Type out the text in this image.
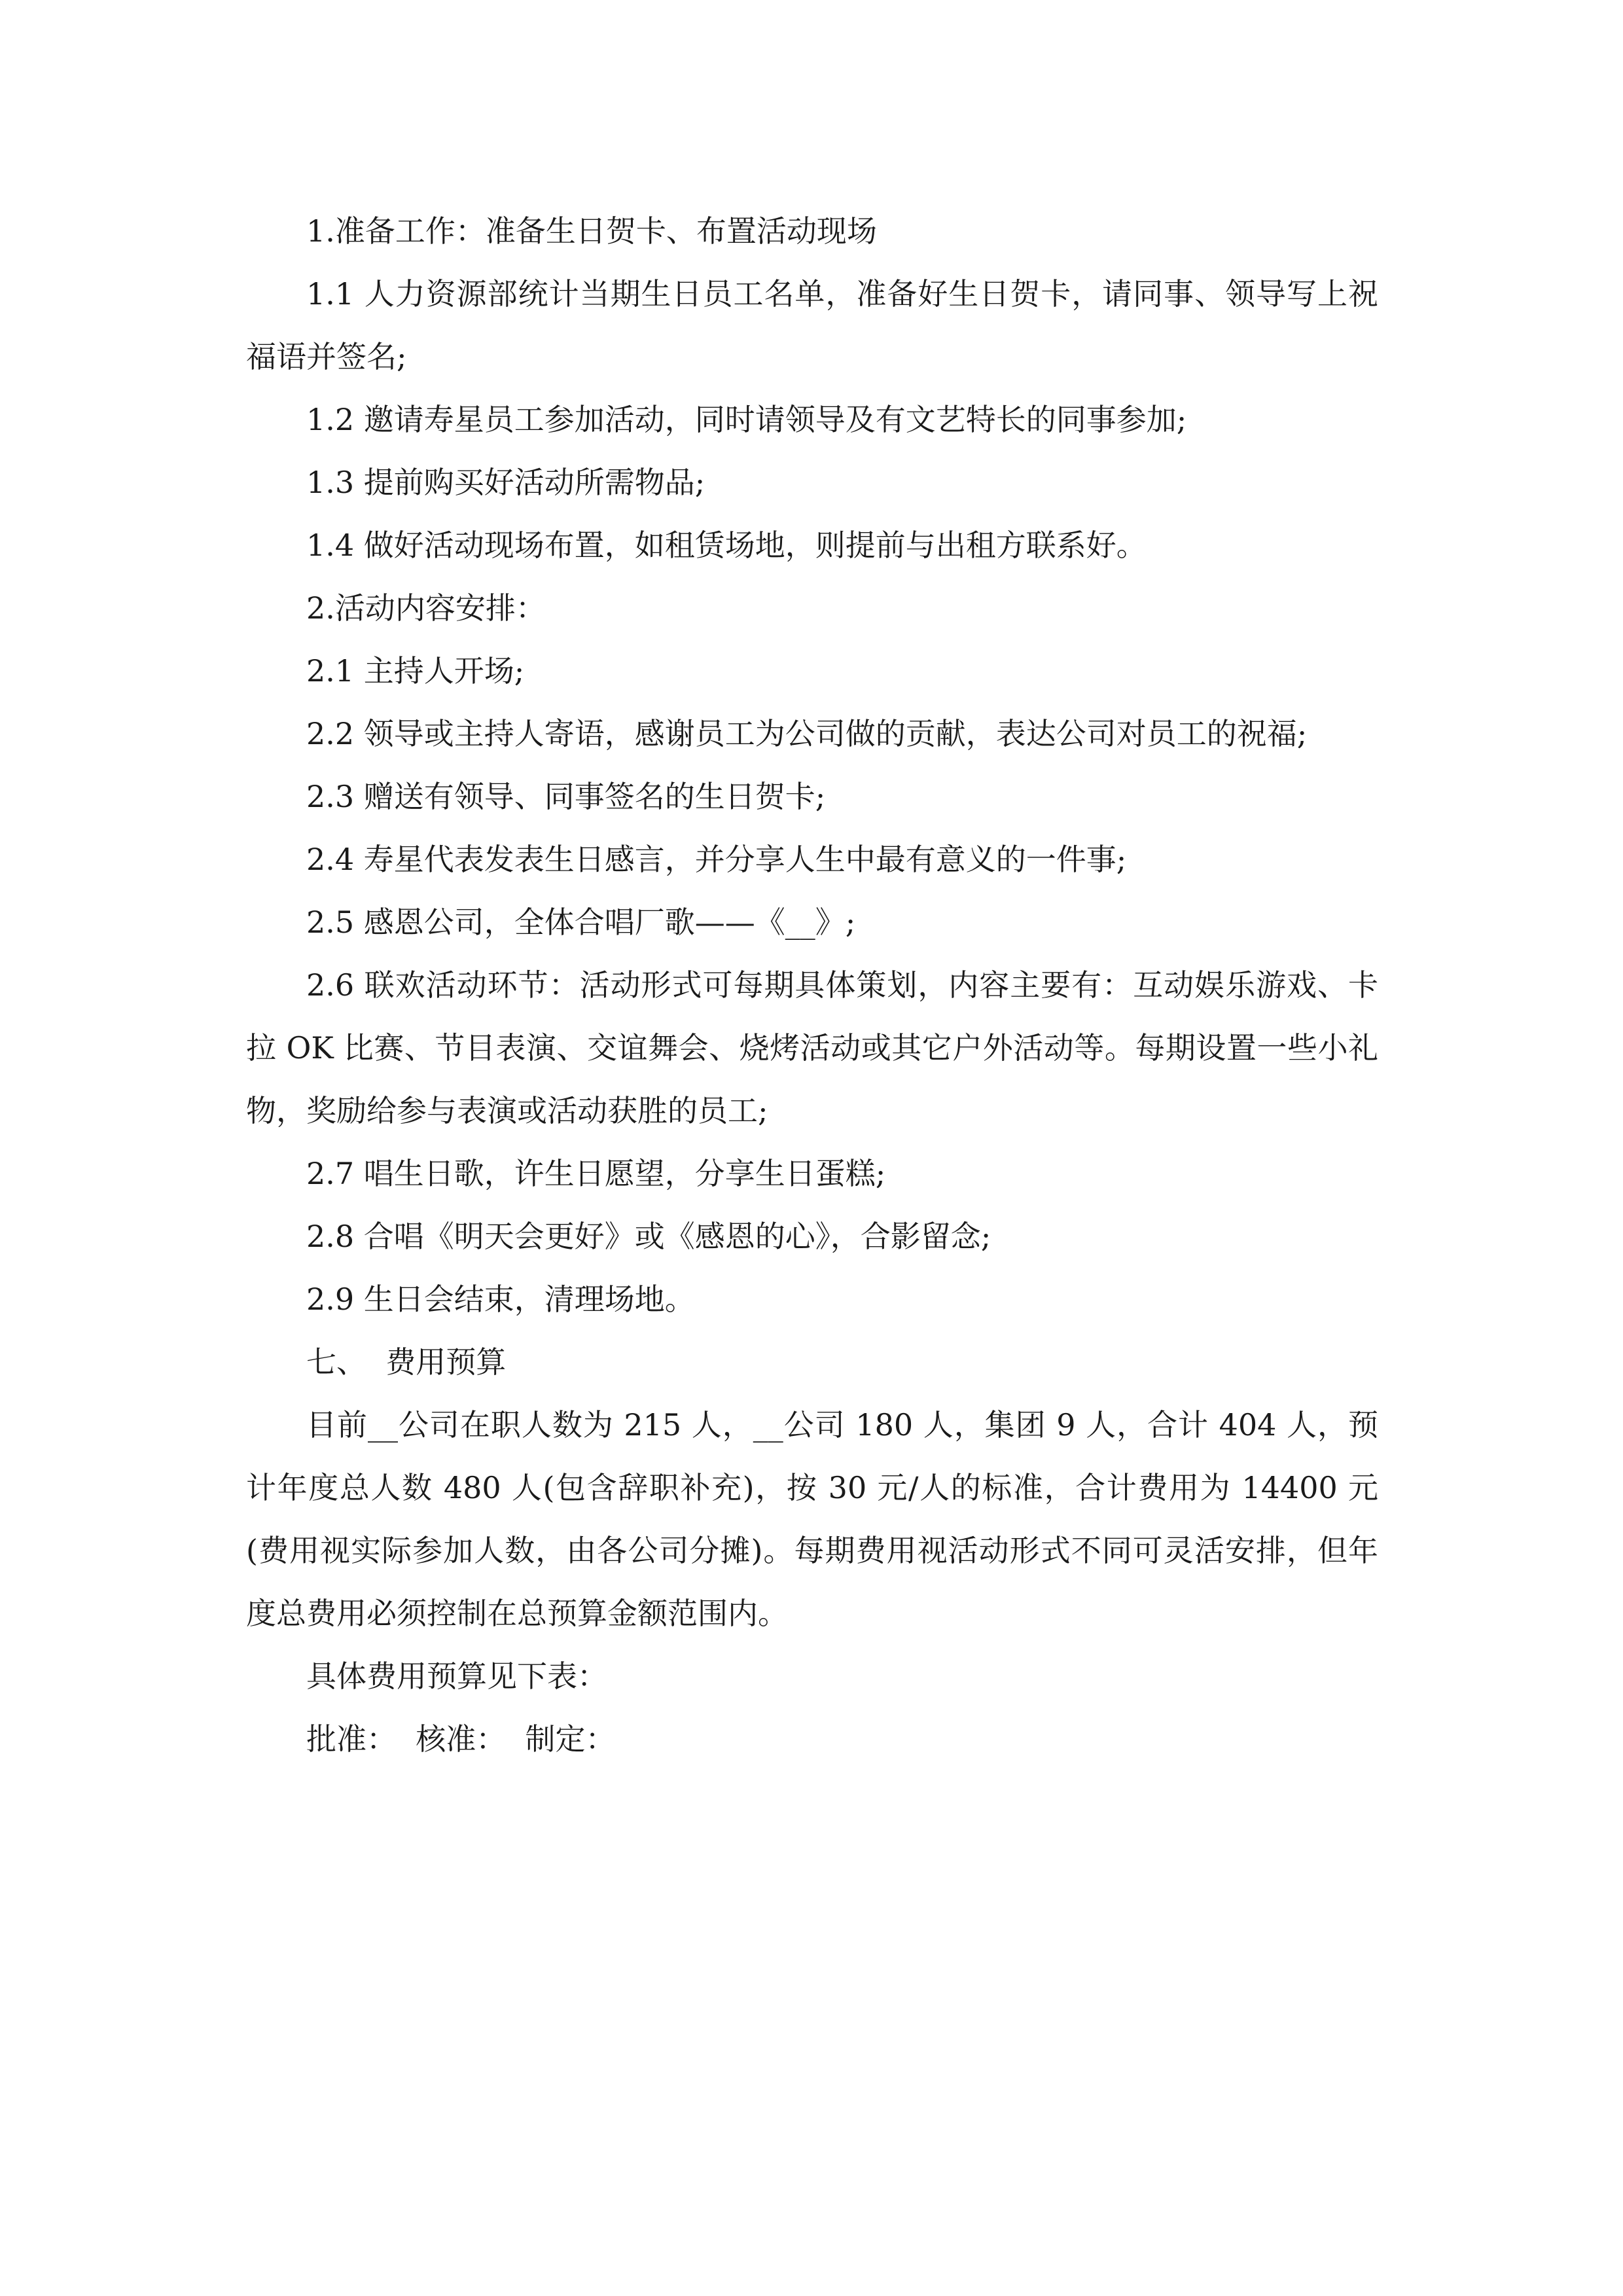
1.准备工作：准备生日贺卡、布置活动现场

1.1 人力资源部统计当期生日员工名单，准备好生日贺卡，请同事、领导写上祝福语并签名;

1.2 邀请寿星员工参加活动，同时请领导及有文艺特长的同事参加;

1.3 提前购买好活动所需物品;

1.4 做好活动现场布置，如租赁场地，则提前与出租方联系好。

2.活动内容安排：

2.1 主持人开场;

2.2 领导或主持人寄语，感谢员工为公司做的贡献，表达公司对员工的祝福;

2.3 赠送有领导、同事签名的生日贺卡;

2.4 寿星代表发表生日感言，并分享人生中最有意义的一件事;

2.5 感恩公司，全体合唱厂歌——《__》;

2.6 联欢活动环节：活动形式可每期具体策划，内容主要有：互动娱乐游戏、卡拉 OK 比赛、节目表演、交谊舞会、烧烤活动或其它户外活动等。每期设置一些小礼物，奖励给参与表演或活动获胜的员工;

2.7 唱生日歌，许生日愿望，分享生日蛋糕;

2.8 合唱《明天会更好》或《感恩的心》，合影留念;

2.9 生日会结束，清理场地。

七、  费用预算

目前__公司在职人数为 215 人，__公司 180 人，集团 9 人，合计 404 人，预计年度总人数 480 人(包含辞职补充)，按 30 元/人的标准，合计费用为 14400 元(费用视实际参加人数，由各公司分摊)。每期费用视活动形式不同可灵活安排，但年度总费用必须控制在总预算金额范围内。

具体费用预算见下表：

批准：  核准：  制定：
